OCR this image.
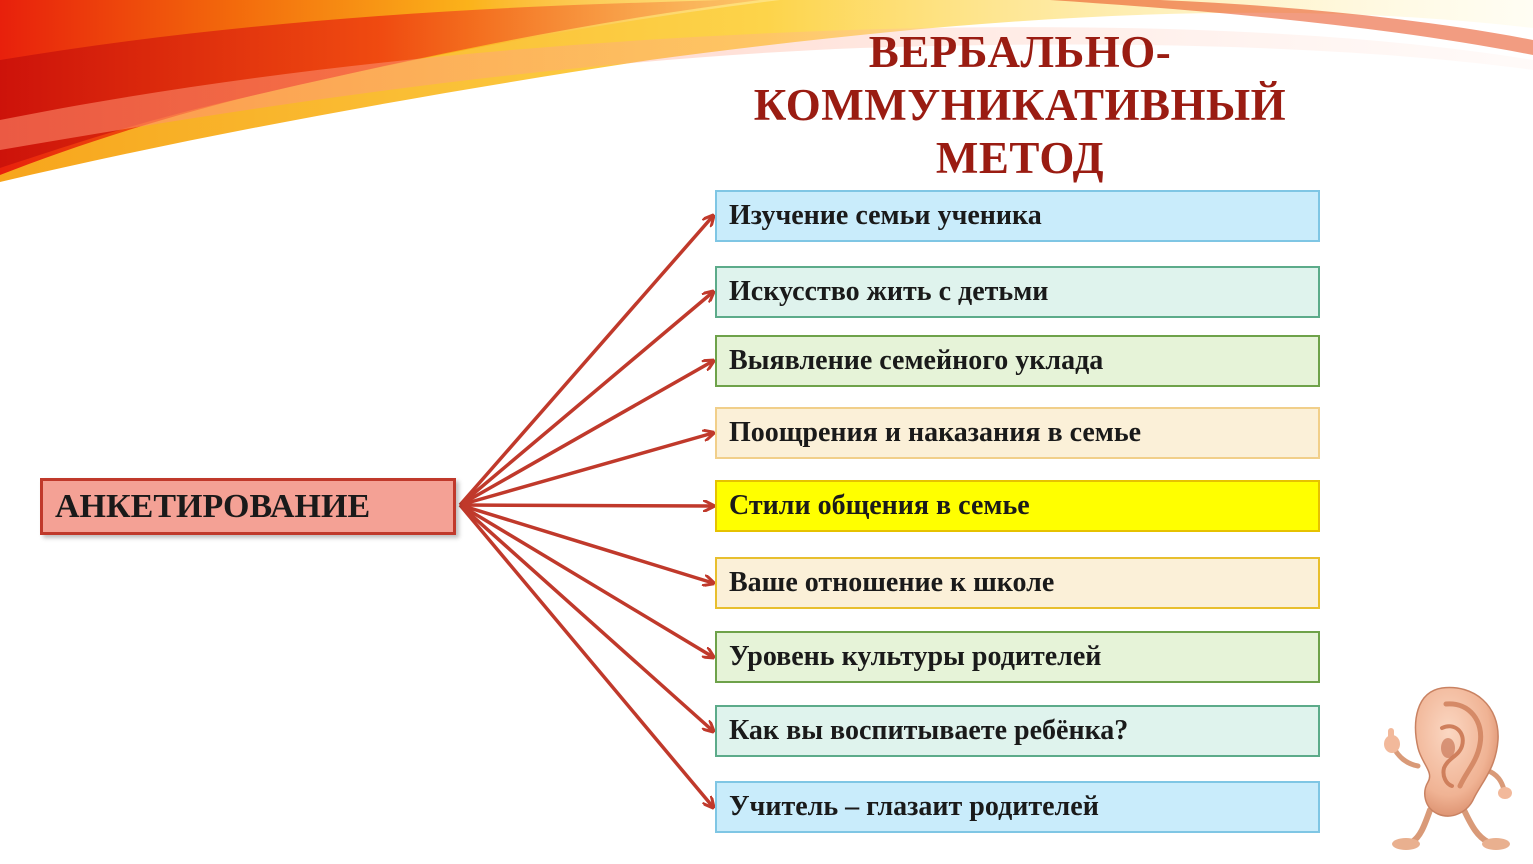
ВЕРБАЛЬНО-
КОММУНИКАТИВНЫЙ
МЕТОД
АНКЕТИРОВАНИЕ
Изучение семьи ученика
Искусство жить с детьми
Выявление семейного уклада
Поощрения и наказания в семье
Стили общения в семье
Ваше отношение к школе
Уровень культуры родителей
Как вы воспитываете ребёнка?
Учитель – глазаит родителей
